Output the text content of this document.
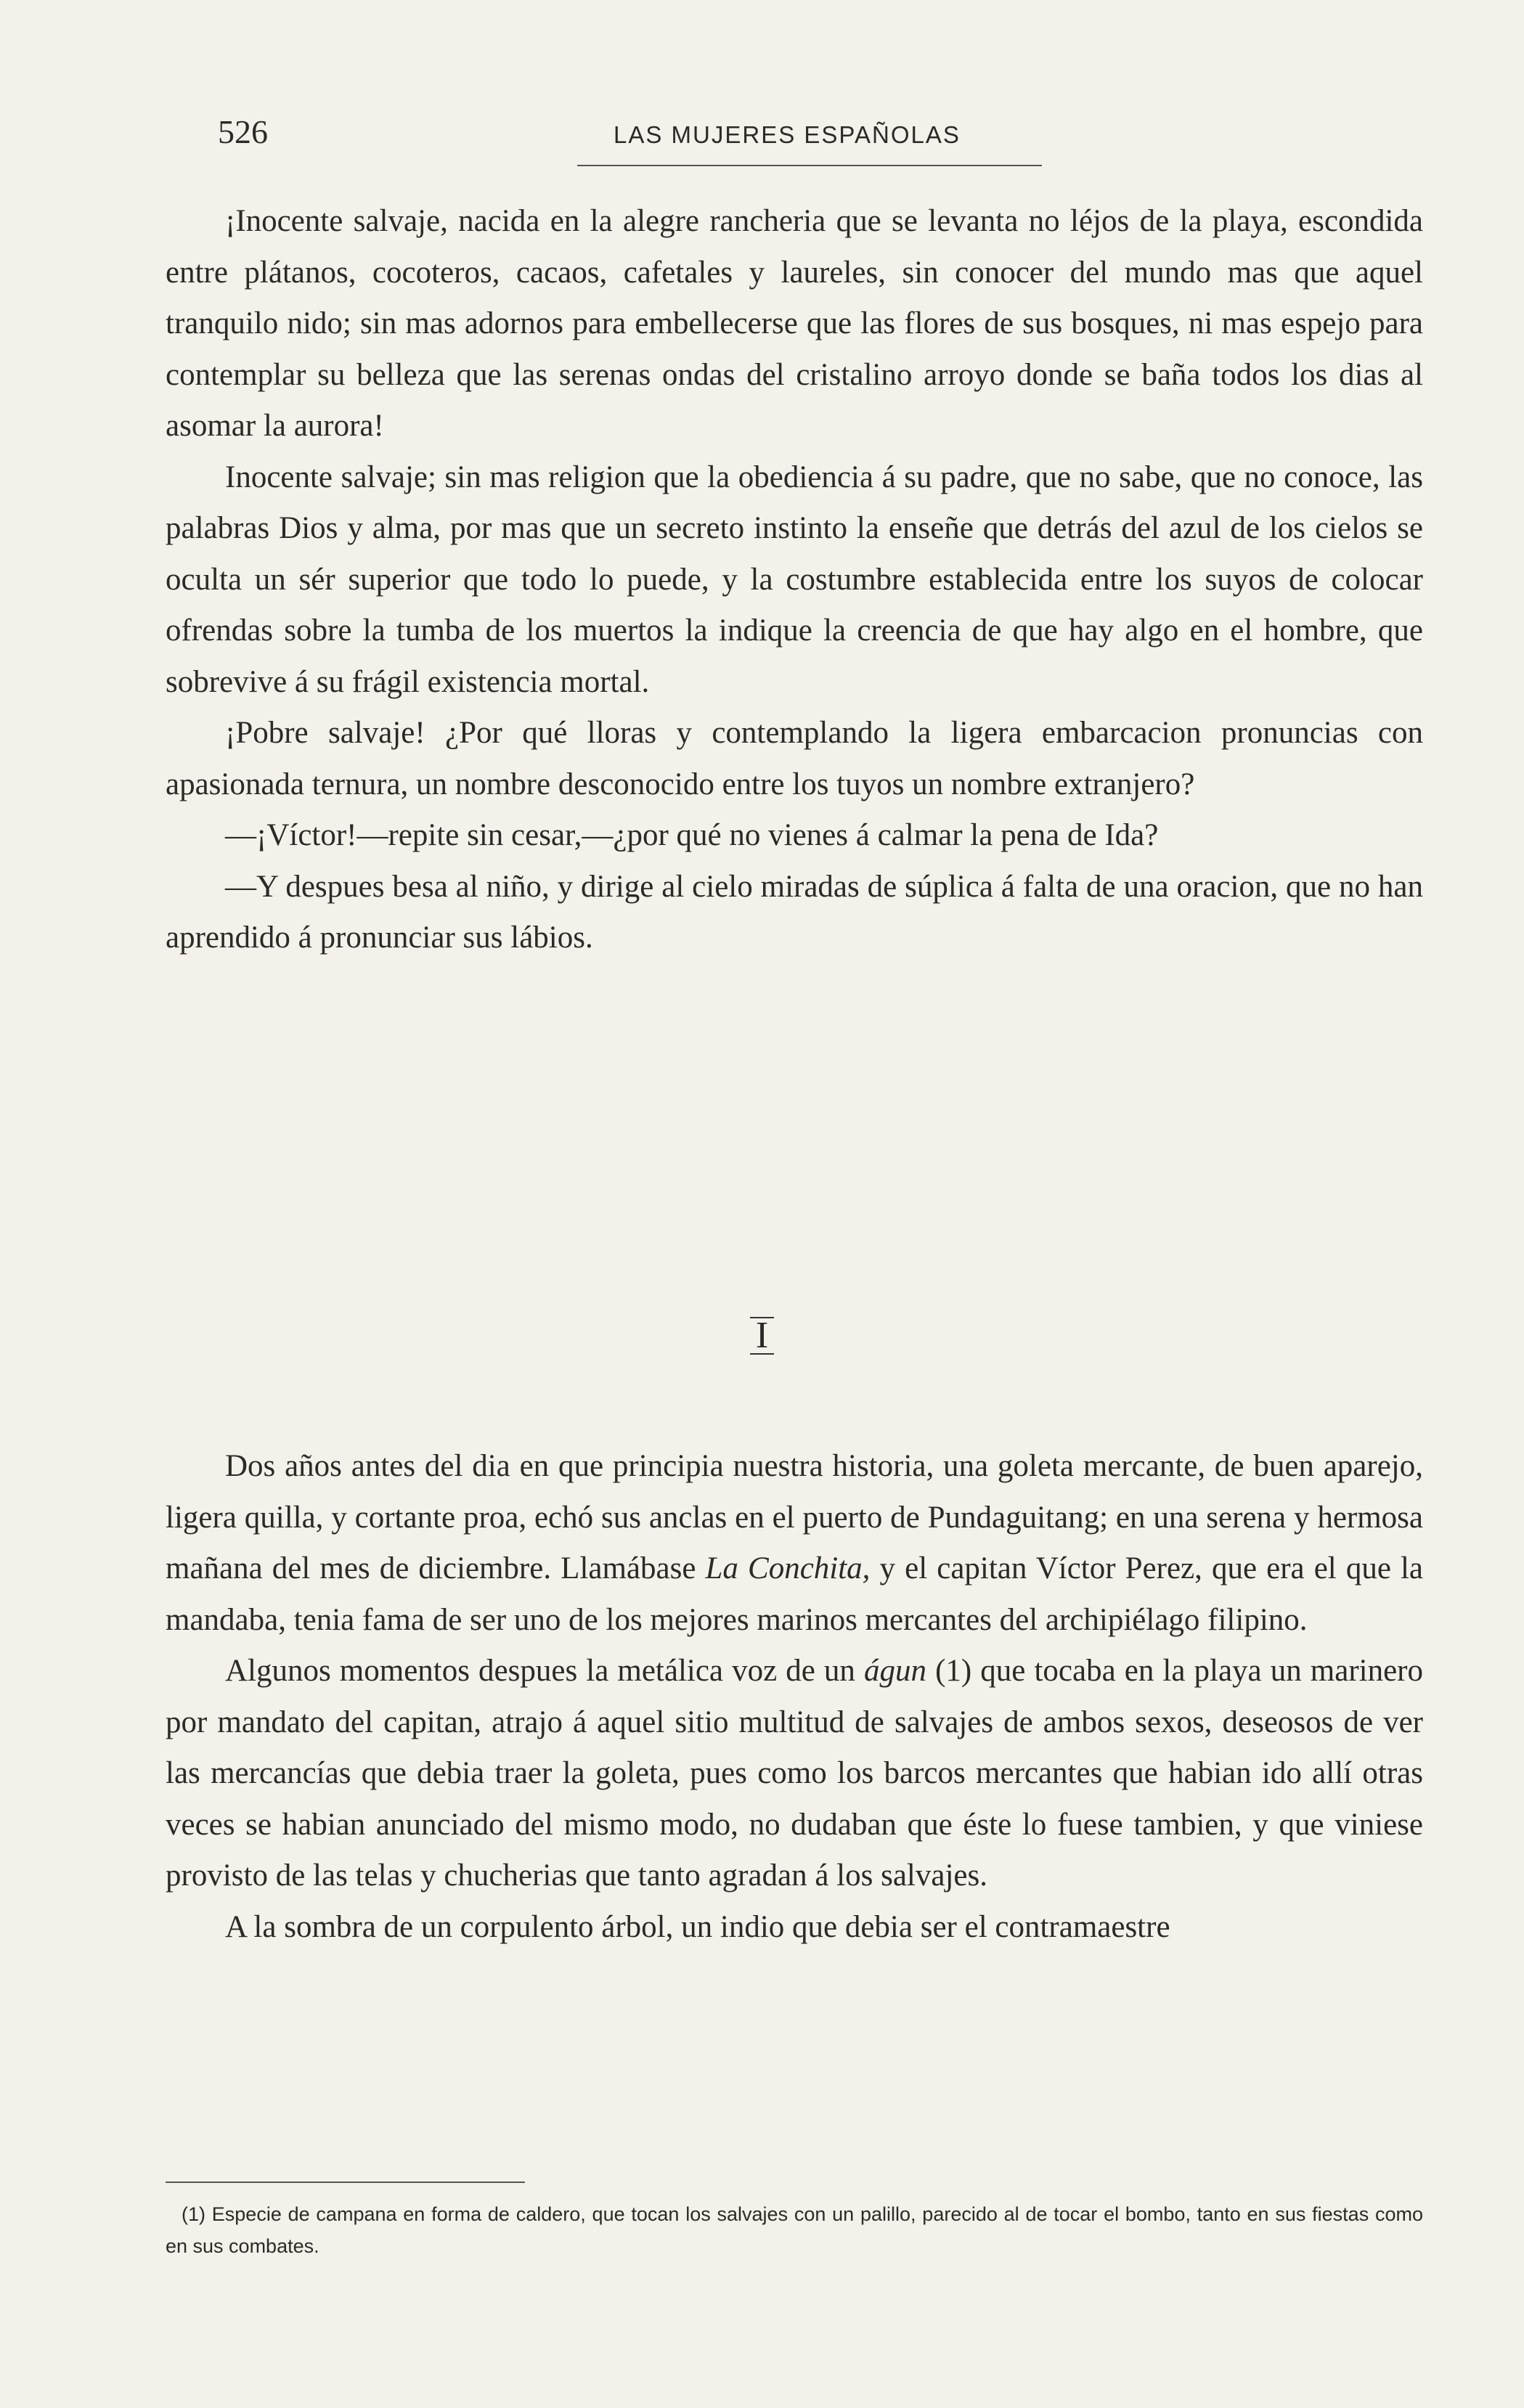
526	LAS MUJERES ESPAÑOLAS

¡Inocente salvaje, nacida en la alegre rancheria que se levanta no léjos de la playa, escondida entre plátanos, cocoteros, cacaos, cafetales y laureles, sin conocer del mundo mas que aquel tranquilo nido; sin mas adornos para embellecerse que las flores de sus bosques, ni mas espejo para contemplar su belleza que las serenas ondas del cristalino arroyo donde se baña todos los dias al asomar la aurora!

Inocente salvaje; sin mas religion que la obediencia á su padre, que no sabe, que no conoce, las palabras Dios y alma, por mas que un secreto instinto la enseñe que detrás del azul de los cielos se oculta un sér superior que todo lo puede, y la costumbre establecida entre los suyos de colocar ofrendas sobre la tumba de los muertos la indique la creencia de que hay algo en el hombre, que sobrevive á su frágil existencia mortal.

¡Pobre salvaje! ¿Por qué lloras y contemplando la ligera embarcacion pronuncias con apasionada ternura, un nombre desconocido entre los tuyos un nombre extranjero?

—¡Víctor!—repite sin cesar,—¿por qué no vienes á calmar la pena de Ida?

—Y despues besa al niño, y dirige al cielo miradas de súplica á falta de una oracion, que no han aprendido á pronunciar sus lábios.

I

Dos años antes del dia en que principia nuestra historia, una goleta mercante, de buen aparejo, ligera quilla, y cortante proa, echó sus anclas en el puerto de Pundaguitang; en una serena y hermosa mañana del mes de diciembre. Llamábase La Conchita, y el capitan Víctor Perez, que era el que la mandaba, tenia fama de ser uno de los mejores marinos mercantes del archipiélago filipino.

Algunos momentos despues la metálica voz de un águn (1) que tocaba en la playa un marinero por mandato del capitan, atrajo á aquel sitio multitud de salvajes de ambos sexos, deseosos de ver las mercancías que debia traer la goleta, pues como los barcos mercantes que habian ido allí otras veces se habian anunciado del mismo modo, no dudaban que éste lo fuese tambien, y que viniese provisto de las telas y chucherias que tanto agradan á los salvajes.

A la sombra de un corpulento árbol, un indio que debia ser el contramaestre

(1) Especie de campana en forma de caldero, que tocan los salvajes con un palillo, parecido al de tocar el bombo, tanto en sus fiestas como en sus combates.
